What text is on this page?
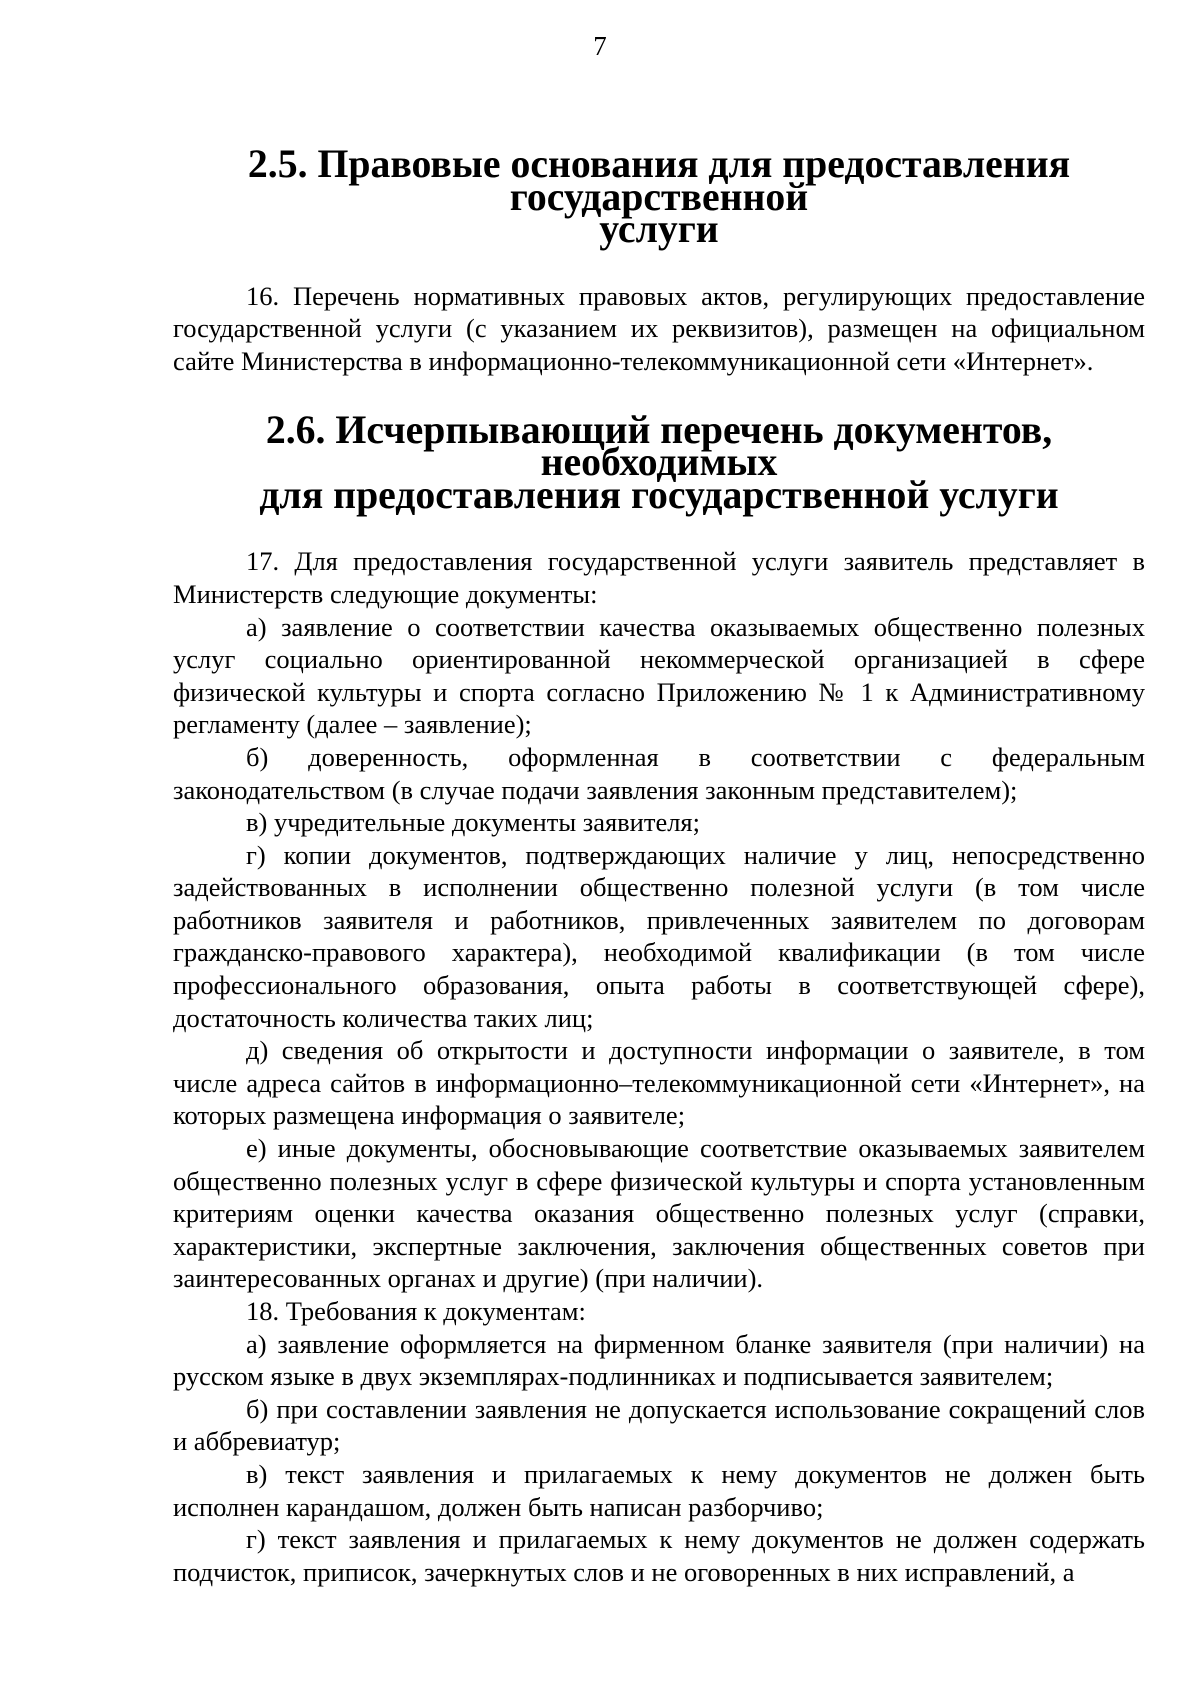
7
2.5. Правовые основания для предоставления государственной
услуги

16. Перечень нормативных правовых актов, регулирующих предоставление государственной услуги (с указанием их реквизитов), размещен на официальном сайте Министерства в информационно-телекоммуникационной сети «Интернет».

2.6. Исчерпывающий перечень документов, необходимых
для предоставления государственной услуги

17. Для предоставления государственной услуги заявитель представляет в Министерств следующие документы:

а) заявление о соответствии качества оказываемых общественно полезных услуг социально ориентированной некоммерческой организацией в сфере физической культуры и спорта согласно Приложению № 1 к Административному регламенту (далее – заявление);

б) доверенность, оформленная в соответствии с федеральным законодательством (в случае подачи заявления законным представителем);

в) учредительные документы заявителя;

г) копии документов, подтверждающих наличие у лиц, непосредственно задействованных в исполнении общественно полезной услуги (в том числе работников заявителя и работников, привлеченных заявителем по договорам гражданско-правового характера), необходимой квалификации (в том числе профессионального образования, опыта работы в соответствующей сфере), достаточность количества таких лиц;

д) сведения об открытости и доступности информации о заявителе, в том числе адреса сайтов в информационно–телекоммуникационной сети «Интернет», на которых размещена информация о заявителе;

е) иные документы, обосновывающие соответствие оказываемых заявителем общественно полезных услуг в сфере физической культуры и спорта установленным критериям оценки качества оказания общественно полезных услуг (справки, характеристики, экспертные заключения, заключения общественных советов при заинтересованных органах и другие) (при наличии).

18. Требования к документам:

а) заявление оформляется на фирменном бланке заявителя (при наличии) на русском языке в двух экземплярах-подлинниках и подписывается заявителем;

б) при составлении заявления не допускается использование сокращений слов и аббревиатур;

в) текст заявления и прилагаемых к нему документов не должен быть исполнен карандашом, должен быть написан разборчиво;

г) текст заявления и прилагаемых к нему документов не должен содержать подчисток, приписок, зачеркнутых слов и не оговоренных в них исправлений, а
